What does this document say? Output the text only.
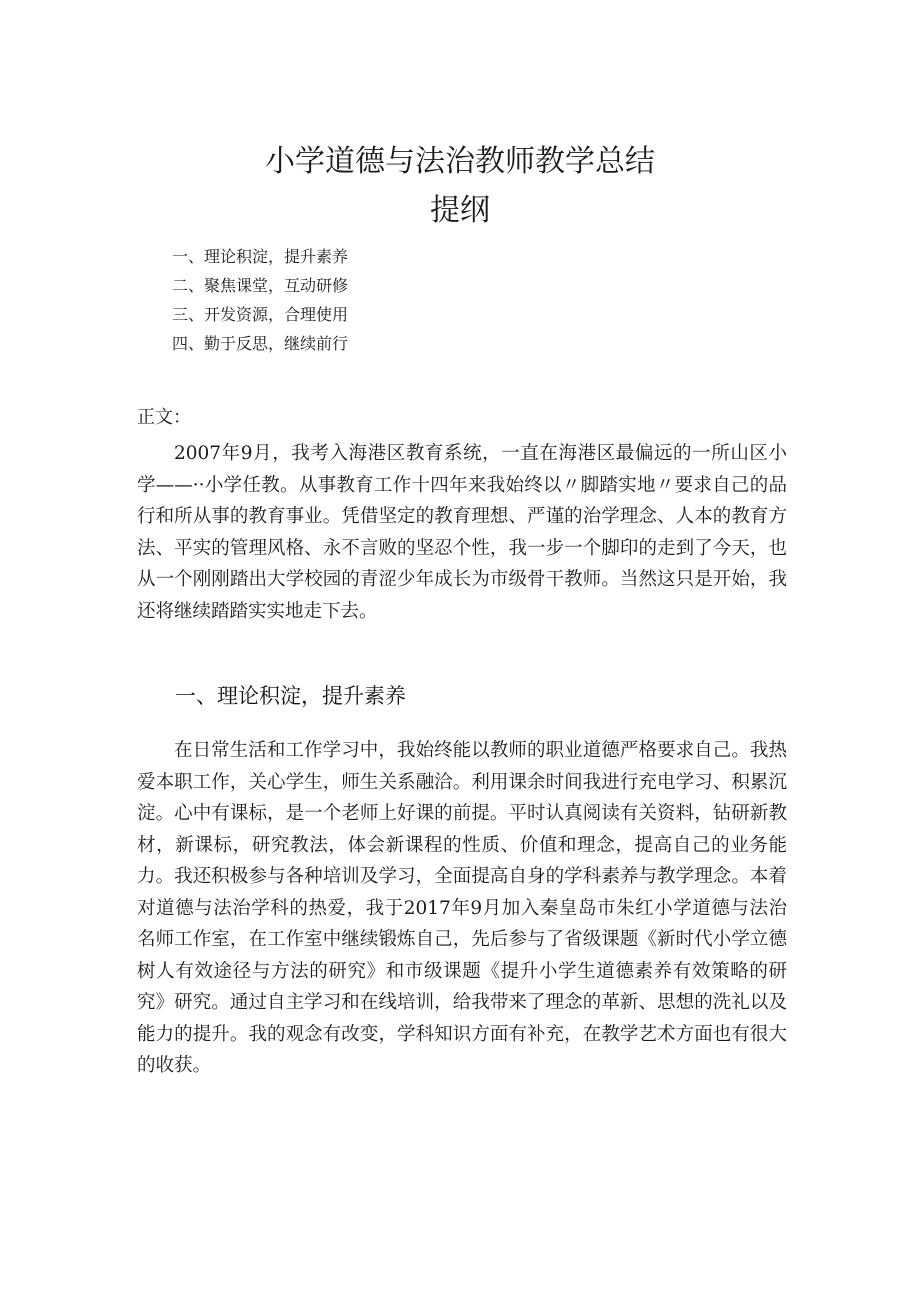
小学道德与法治教师教学总结
提纲
一、理论积淀，提升素养
二、聚焦课堂，互动研修
三、开发资源，合理使用
四、勤于反思，继续前行
正文：

2007年9月，我考入海港区教育系统，一直在海港区最偏远的一所山区小学——··小学任教。从事教育工作十四年来我始终以〃脚踏实地〃要求自己的品行和所从事的教育事业。凭借坚定的教育理想、严谨的治学理念、人本的教育方法、平实的管理风格、永不言败的坚忍个性，我一步一个脚印的走到了今天，也从一个刚刚踏出大学校园的青涩少年成长为市级骨干教师。当然这只是开始，我还将继续踏踏实实地走下去。

一、理论积淀，提升素养

在日常生活和工作学习中，我始终能以教师的职业道德严格要求自己。我热爱本职工作，关心学生，师生关系融洽。利用课余时间我进行充电学习、积累沉淀。心中有课标，是一个老师上好课的前提。平时认真阅读有关资料，钻研新教材，新课标，研究教法，体会新课程的性质、价值和理念，提高自己的业务能力。我还积极参与各种培训及学习，全面提高自身的学科素养与教学理念。本着对道德与法治学科的热爱，我于2017年9月加入秦皇岛市朱红小学道德与法治名师工作室，在工作室中继续锻炼自己，先后参与了省级课题《新时代小学立德树人有效途径与方法的研究》和市级课题《提升小学生道德素养有效策略的研究》研究。通过自主学习和在线培训，给我带来了理念的革新、思想的洗礼以及能力的提升。我的观念有改变，学科知识方面有补充，在教学艺术方面也有很大的收获。
